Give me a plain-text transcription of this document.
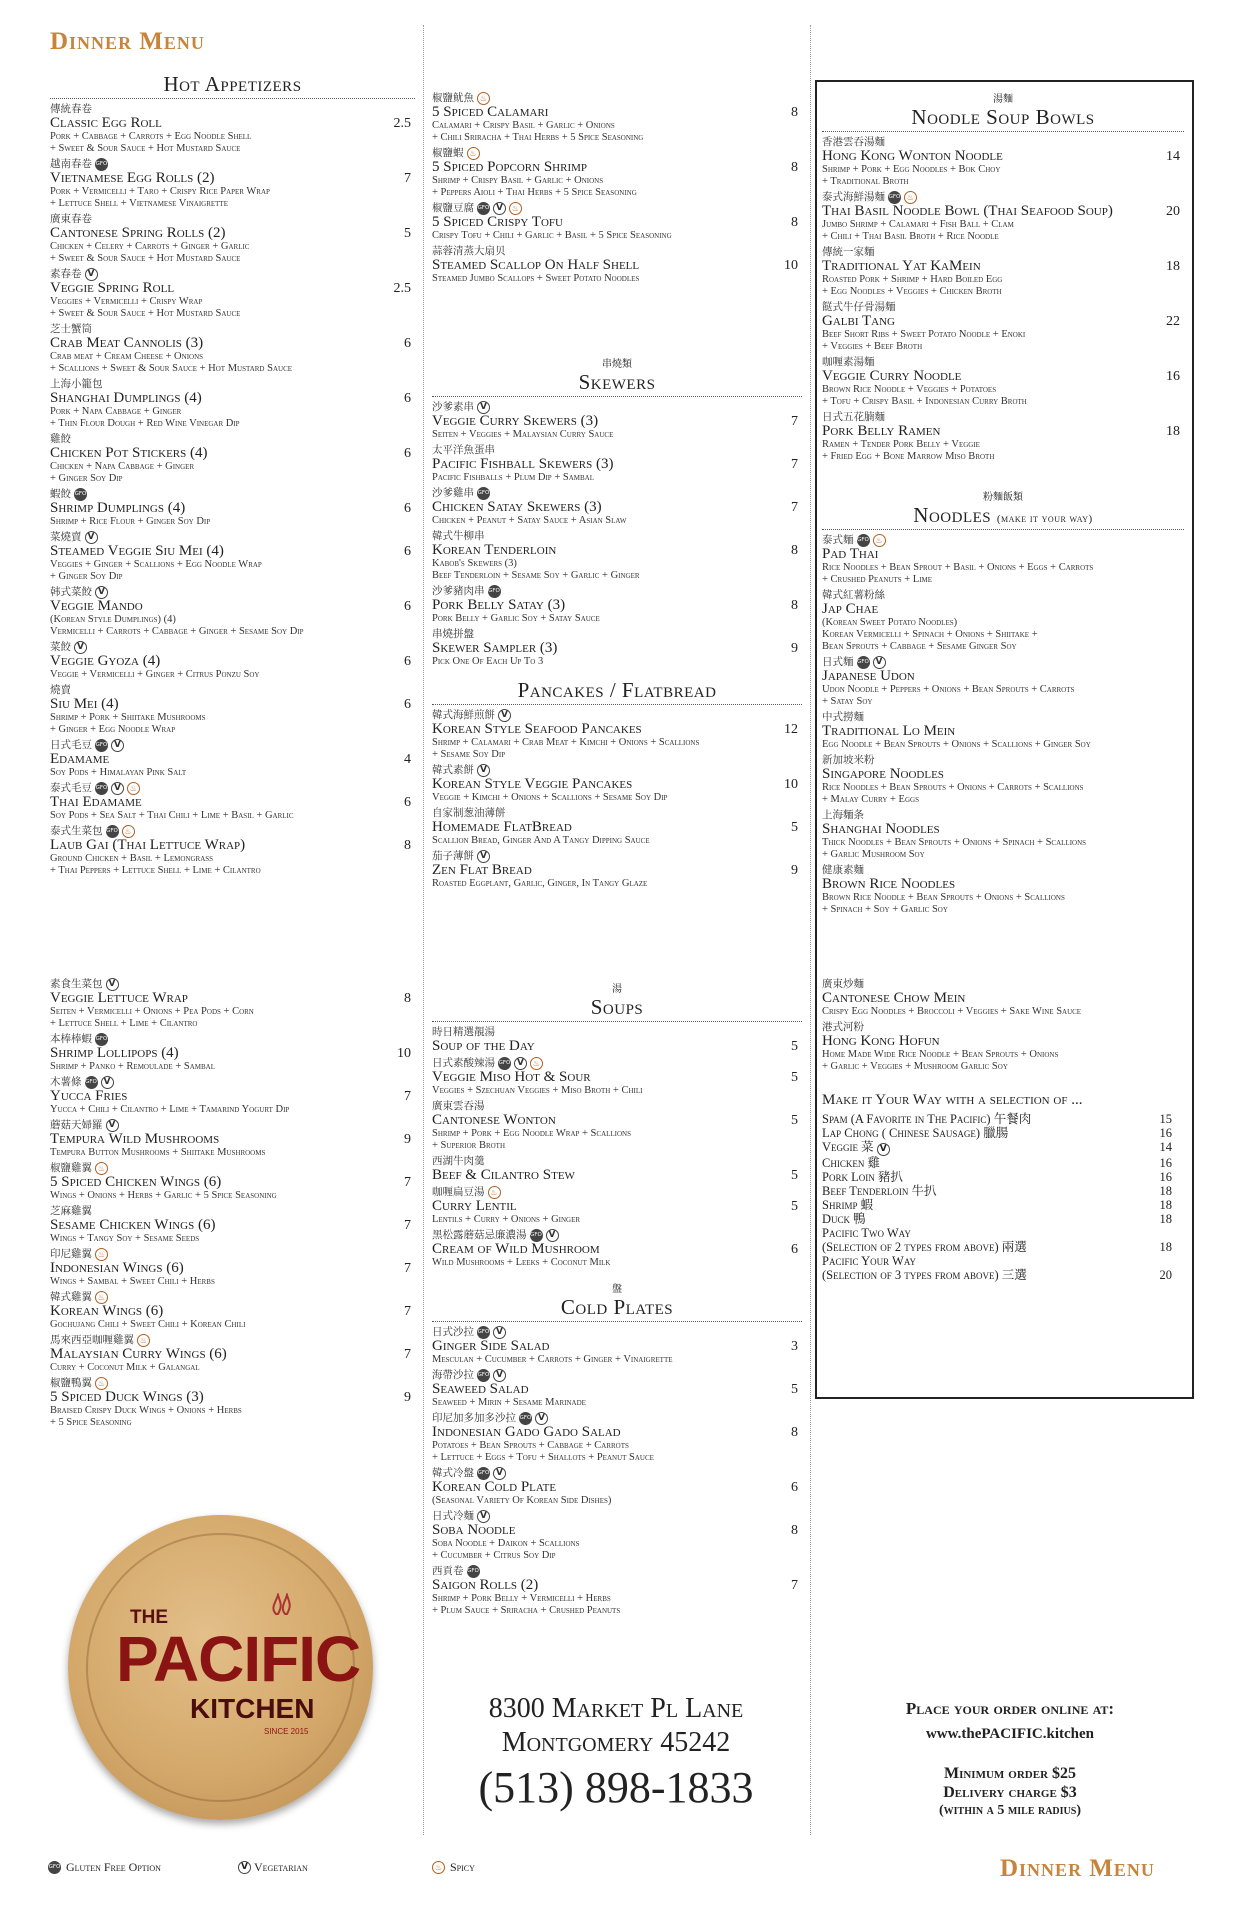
Dinner Menu
Hot Appetizers
傳統春卷
Classic Egg Roll	2.5
Pork + Cabbage + Carrots + Egg Noodle Shell
+ Sweet & Sour Sauce + Hot Mustard Sauce
越南春卷 GFO
Vietnamese Egg Rolls (2)	7
Pork + Vermicelli + Taro + Crispy Rice Paper Wrap
+ Lettuce Shell + Vietnamese Vinaigrette
廣東春卷
Cantonese Spring Rolls (2)	5
Chicken + Celery + Carrots + Ginger + Garlic
+ Sweet & Sour Sauce + Hot Mustard Sauce
素春卷 V
Veggie Spring Roll	2.5
Veggies + Vermicelli + Crispy Wrap
+ Sweet & Sour Sauce + Hot Mustard Sauce
芝士蟹筒
Crab Meat Cannolis (3)	6
Crab meat + Cream Cheese + Onions
+ Scallions + Sweet & Sour Sauce + Hot Mustard Sauce
上海小籠包
Shanghai Dumplings (4)	6
Pork + Napa Cabbage + Ginger
+ Thin Flour Dough + Red Wine Vinegar Dip
雞餃
Chicken Pot Stickers (4)	6
Chicken + Napa Cabbage + Ginger
+ Ginger Soy Dip
蝦餃 GFO
Shrimp Dumplings (4)	6
Shrimp + Rice Flour + Ginger Soy Dip
菜燒賣 V
Steamed Veggie Siu Mei (4)	6
Veggies + Ginger + Scallions + Egg Noodle Wrap
+ Ginger Soy Dip
韩式菜餃 V
Veggie Mando	6
(Korean Style Dumplings) (4)
Vermicelli + Carrots + Cabbage + Ginger + Sesame Soy Dip
菜餃 V
Veggie Gyoza (4)	6
Veggie + Vermicelli + Ginger + Citrus Ponzu Soy
燒賣
Siu Mei (4)	6
Shrimp + Pork + Shiitake Mushrooms
+ Ginger + Egg Noodle Wrap
日式毛豆 GFO V
Edamame	4
Soy Pods + Himalayan Pink Salt
泰式毛豆 GFO V	♨
Thai Edamame	6
Soy Pods + Sea Salt + Thai Chili + Lime + Basil + Garlic
泰式生菜包 GFO ♨
Laub Gai (Thai Lettuce Wrap)	8
Ground Chicken + Basil + Lemongrass
+ Thai Peppers + Lettuce Shell + Lime + Cilantro
素食生菜包 V
Veggie Lettuce Wrap	8
Seiten + Vermicelli + Onions + Pea Pods + Corn
+ Lettuce Shell + Lime + Cilantro
本棒棒蝦 GFO
Shrimp Lollipops (4)	10
Shrimp + Panko + Remoulade + Sambal
木薯條 GFO V
Yucca Fries	7
Yucca + Chili + Cilantro + Lime + Tamarind Yogurt Dip
蘑菇天婦羅 V
Tempura Wild Mushrooms	9
Tempura Button Mushrooms + Shiitake Mushrooms
椒鹽雞翼 ♨
5 Spiced Chicken Wings (6)	7
Wings + Onions + Herbs + Garlic + 5 Spice Seasoning
芝麻雞翼
Sesame Chicken Wings (6)	7
Wings + Tangy Soy + Sesame Seeds
印尼雞翼 ♨
Indonesian Wings (6)	7
Wings + Sambal + Sweet Chili + Herbs
韓式雞翼 ♨
Korean Wings (6)	7
Gochujang Chili + Sweet Chili + Korean Chili
馬來西亞咖喱雞翼 ♨
Malaysian Curry Wings (6)	7
Curry + Coconut Milk + Galangal
椒鹽鴨翼 ♨
5 Spiced Duck Wings (3)	9
Braised Crispy Duck Wings + Onions + Herbs
+ 5 Spice Seasoning
椒鹽鱿魚 ♨
5 Spiced Calamari	8
Calamari + Crispy Basil + Garlic + Onions
+ Chili Sriracha + Thai Herbs + 5 Spice Seasoning
椒鹽蝦 ♨
5 Spiced Popcorn Shrimp	8
Shrimp + Crispy Basil + Garlic + Onions
+ Peppers Aioli + Thai Herbs + 5 Spice Seasoning
椒鹽豆腐 GFO V	♨
5 Spiced Crispy Tofu	8
Crispy Tofu + Chili + Garlic + Basil + 5 Spice Seasoning
蒜蓉清蒸大扇贝
Steamed Scallop On Half Shell	10
Steamed Jumbo Scallops + Sweet Potato Noodles
串燒類
Skewers
沙爹素串 V
Veggie Curry Skewers (3)	7
Seiten + Veggies + Malaysian Curry Sauce
太平洋魚蛋串
Pacific Fishball Skewers (3)	7
Pacific Fishballs + Plum Dip + Sambal
沙爹雞串 GFO
Chicken Satay Skewers (3)	7
Chicken + Peanut + Satay Sauce + Asian Slaw
韓式牛柳串
Korean Tenderloin	8
Kabob's Skewers (3)
Beef Tenderloin + Sesame Soy + Garlic + Ginger
沙爹豬肉串 GFO
Pork Belly Satay (3)	8
Pork Belly + Garlic Soy + Satay Sauce
串燒拼盤
Skewer Sampler (3)	9
Pick One Of Each Up To 3
Pancakes / Flatbread
韓式海鮮煎餅 V
Korean Style Seafood Pancakes	12
Shrimp + Calamari + Crab Meat + Kimchi + Onions + Scallions
+ Sesame Soy Dip
韓式素餅 V
Korean Style Veggie Pancakes	10
Veggie + Kimchi + Onions + Scallions + Sesame Soy Dip
自家制葱油薄餅
Homemade FlatBread	5
Scallion Bread, Ginger And A Tangy Dipping Sauce
茄子薄餅 V
Zen Flat Bread	9
Roasted Eggplant, Garlic, Ginger, In Tangy Glaze
湯
Soups
時日精選靚湯
Soup of the Day	5
日式素酸辣湯 GFO V	♨
Veggie Miso Hot & Sour	5
Veggies + Szechuan Veggies + Miso Broth + Chili
廣東雲吞湯
Cantonese Wonton	5
Shrimp + Pork + Egg Noodle Wrap + Scallions
+ Superior Broth
西湖牛肉羹
Beef & Cilantro Stew	5
咖喱扁豆湯 ♨
Curry Lentil	5
Lentils + Curry + Onions + Ginger
黑松露蘑菇忌廉濃湯 GFO V
Cream of Wild Mushroom	6
Wild Mushrooms + Leeks + Coconut Milk
盤
Cold Plates
日式沙拉 GFO V
Ginger Side Salad	3
Mesculan + Cucumber + Carrots + Ginger + Vinaigrette
海帶沙拉 GFO V
Seaweed Salad	5
Seaweed + Mirin + Sesame Marinade
印尼加多加多沙拉 GFO V
Indonesian Gado Gado Salad	8
Potatoes + Bean Sprouts + Cabbage + Carrots
+ Lettuce + Eggs + Tofu + Shallots + Peanut Sauce
韓式冷盤 GFO V
Korean Cold Plate	6
(Seasonal Variety Of Korean Side Dishes)
日式冷麵 V
Soba Noodle	8
Soba Noodle + Daikon + Scallions
+ Cucumber + Citrus Soy Dip
西貢卷 GFO
Saigon Rolls (2)	7
Shrimp + Pork Belly + Vermicelli + Herbs
+ Plum Sauce + Sriracha + Crushed Peanuts
湯麵
Noodle Soup Bowls
香港雲吞湯麵
Hong Kong Wonton Noodle	14
Shrimp + Pork + Egg Noodles + Bok Choy
+ Traditional Broth
泰式海鮮湯麵 GFO ♨
Thai Basil Noodle Bowl (Thai Seafood Soup)	20
Jumbo Shrimp + Calamari + Fish Ball + Clam
+ Chili + Thai Basil Broth + Rice Noodle
傳統一家麵
Traditional Yat KaMein	18
Roasted Pork + Shrimp + Hard Boiled Egg
+ Egg Noodles + Veggies + Chicken Broth
餸式牛仔骨湯麵
Galbi Tang	22
Beef Short Ribs + Sweet Potato Noodle + Enoki
+ Veggies + Beef Broth
咖喱素湯麵
Veggie Curry Noodle	16
Brown Rice Noodle + Veggies + Potatoes
+ Tofu + Crispy Basil + Indonesian Curry Broth
日式五花腩麵
Pork Belly Ramen	18
Ramen + Tender Pork Belly + Veggie
+ Fried Egg + Bone Marrow Miso Broth
粉麵飯類
Noodles (make it your way)
泰式麵 GFO ♨
Pad Thai
Rice Noodles + Bean Sprout + Basil + Onions + Eggs + Carrots
+ Crushed Peanuts + Lime
韓式紅薯粉絲
Jap Chae
(Korean Sweet Potato Noodles)
Korean Vermicelli + Spinach + Onions + Shiitake +
Bean Sprouts + Cabbage + Sesame Ginger Soy
日式麵 GFO V
Japanese Udon
Udon Noodle + Peppers + Onions + Bean Sprouts + Carrots
+ Satay Soy
中式撈麵
Traditional Lo Mein
Egg Noodle + Bean Sprouts + Onions + Scallions + Ginger Soy
新加坡米粉
Singapore Noodles
Rice Noodles + Bean Sprouts + Onions + Carrots + Scallions
+ Malay Curry + Eggs
上海麵条
Shanghai Noodles
Thick Noodles + Bean Sprouts + Onions + Spinach + Scallions
+ Garlic Mushroom Soy
健康素麵
Brown Rice Noodles
Brown Rice Noodle + Bean Sprouts + Onions + Scallions
+ Spinach + Soy + Garlic Soy
廣東炒麵
Cantonese Chow Mein
Crispy Egg Noodles + Broccoli + Veggies + Sake Wine Sauce
港式河粉
Hong Kong Hofun
Home Made Wide Rice Noodle + Bean Sprouts + Onions
+ Garlic + Veggies + Mushroom Garlic Soy
Make it Your Way with a selection of ...
Spam (A Favorite in The Pacific) 午餐肉	15
Lap Chong ( Chinese Sausage) 臘腸	16
Veggie 菜 V	14
Chicken 雞	16
Pork Loin 豬扒	16
Beef Tenderloin 牛扒	18
Shrimp 蝦	18
Duck 鴨	18
Pacific Two Way
(Selection of 2 types from above) 兩選	18
Pacific Your Way
(Selection of 3 types from above) 三選	20
THE
PACIFIC
KITCHEN
SINCE 2015
8300 Market Pl Lane
Montgomery 45242
(513) 898-1833
Place your order online at:
www.thePACIFIC.kitchen
Minimum order $25
Delivery charge $3
(within a 5 mile radius)
GFO Gluten Free Option	V Vegetarian	♨ Spicy	Dinner Menu
